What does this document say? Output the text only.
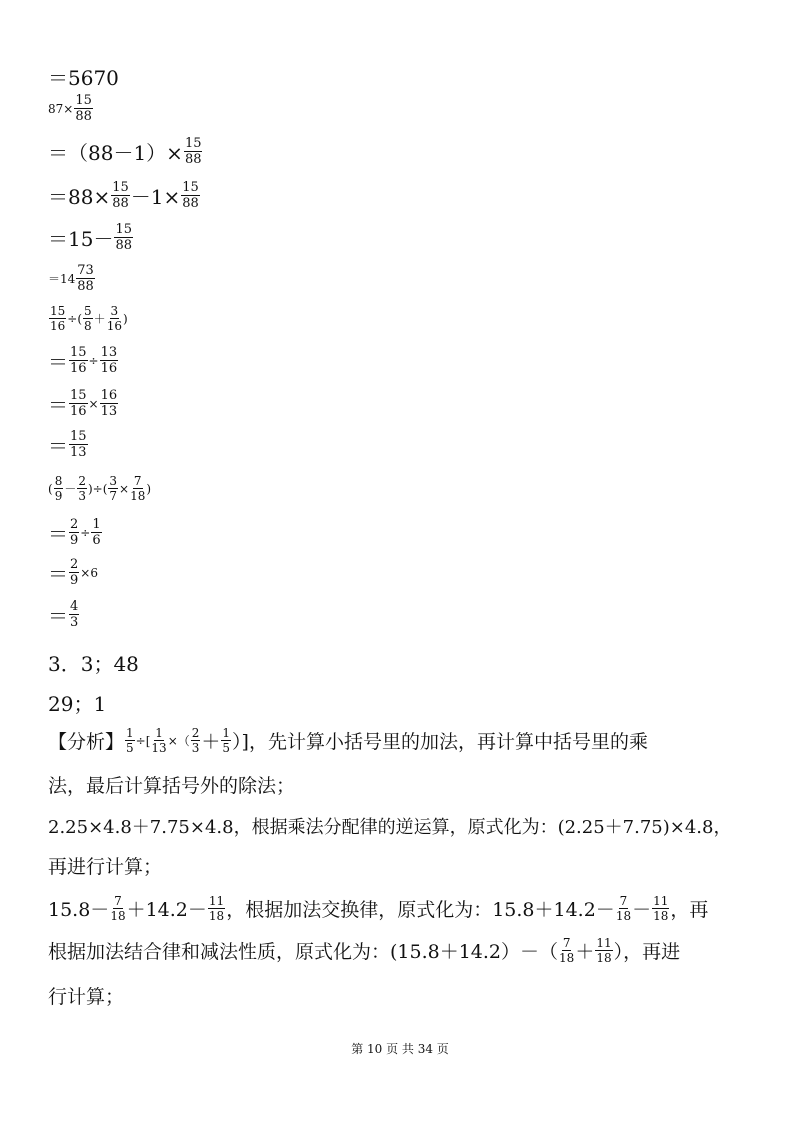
＝5670
$87\times \frac{15}{88}$
$=(88-1)\times \frac{15}{88}$
$=88\times \frac{15}{88} -1\times \frac{15}{88}$
$=15- \frac{15}{88}$
$=14 \frac{73}{88}$
$\frac{15}{16}$ ÷( $\frac{5}{8} + \frac{3}{16}$ )
＝ $\frac{15}{16} \div \frac{13}{16}$
＝ $\frac{15}{16} \times \frac{16}{13}$
＝ $\frac{15}{13}$
( $\frac{8}{9} - \frac{2}{3}$ )÷( $\frac{3}{7} \times \frac{7}{18}$ )
＝ $\frac{2}{9} \div \frac{1}{6}$
＝ $\frac{2}{9} \times 6$
＝ $\frac{4}{3}$
3．3；48
29；1
【分析】 $\frac{1}{5}$ ÷[ $\frac{1}{13}$ ×（ $\frac{2}{3} + \frac{1}{5}$ ）]，先计算小括号里的加法，再计算中括号里的乘
法，最后计算括号外的除法；
2.25×4.8＋7.75×4.8，根据乘法分配律的逆运算，原式化为：(2.25＋7.75)×4.8，
再进行计算；
$15.8- \frac{7}{18} +14.2- \frac{11}{18}$ ，根据加法交换律，原式化为：$15.8+14.2- \frac{7}{18} - \frac{11}{18}$ ，再
根据加法结合律和减法性质，原式化为：$(15.8+14.2)-( \frac{7}{18} + \frac{11}{18}$ ），再进
行计算；
第 10 页 共 34 页
